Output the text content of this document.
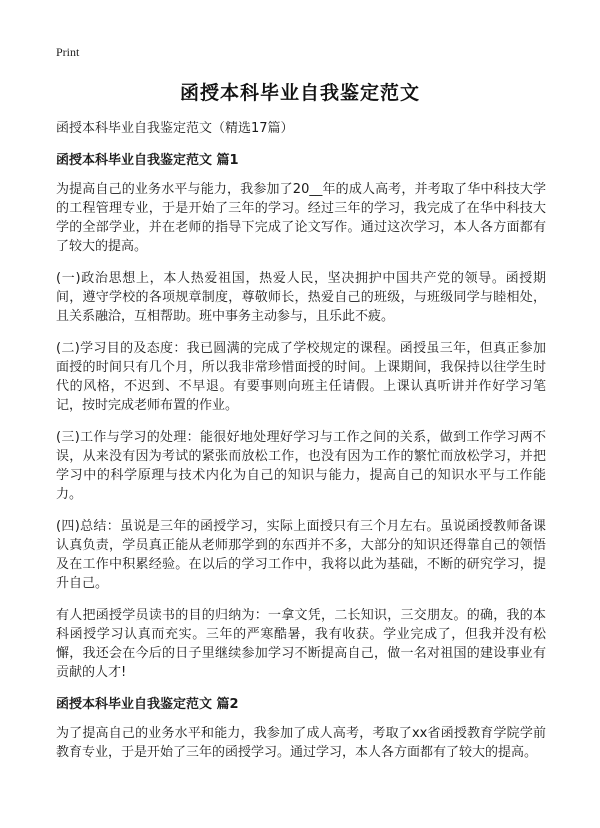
Print
函授本科毕业自我鉴定范文
函授本科毕业自我鉴定范文（精选17篇）
函授本科毕业自我鉴定范文 篇1

为提高自己的业务水平与能力，我参加了20__年的成人高考，并考取了华中科技大学的工程管理专业，于是开始了三年的学习。经过三年的学习，我完成了在华中科技大学的全部学业，并在老师的指导下完成了论文写作。通过这次学习，本人各方面都有了较大的提高。

(一)政治思想上，本人热爱祖国，热爱人民，坚决拥护中国共产党的领导。函授期间，遵守学校的各项规章制度，尊敬师长，热爱自己的班级，与班级同学与睦相处，且关系融洽，互相帮助。班中事务主动参与，且乐此不疲。

(二)学习目的及态度：我已圆满的完成了学校规定的课程。函授虽三年，但真正参加面授的时间只有几个月，所以我非常珍惜面授的时间。上课期间，我保持以往学生时代的风格，不迟到、不早退。有要事则向班主任请假。上课认真听讲并作好学习笔记，按时完成老师布置的作业。

(三)工作与学习的处理：能很好地处理好学习与工作之间的关系，做到工作学习两不误，从来没有因为考试的紧张而放松工作，也没有因为工作的繁忙而放松学习，并把学习中的科学原理与技术内化为自己的知识与能力，提高自己的知识水平与工作能力。

(四)总结：虽说是三年的函授学习，实际上面授只有三个月左右。虽说函授教师备课认真负责，学员真正能从老师那学到的东西并不多，大部分的知识还得靠自己的领悟及在工作中积累经验。在以后的学习工作中，我将以此为基础，不断的研究学习，提升自己。

有人把函授学员读书的目的归纳为：一拿文凭，二长知识，三交朋友。的确，我的本科函授学习认真而充实。三年的严寒酷暑，我有收获。学业完成了，但我并没有松懈，我还会在今后的日子里继续参加学习不断提高自己，做一名对祖国的建设事业有贡献的人才!

函授本科毕业自我鉴定范文 篇2

为了提高自己的业务水平和能力，我参加了成人高考，考取了xx省函授教育学院学前教育专业，于是开始了三年的函授学习。通过学习，本人各方面都有了较大的提高。
